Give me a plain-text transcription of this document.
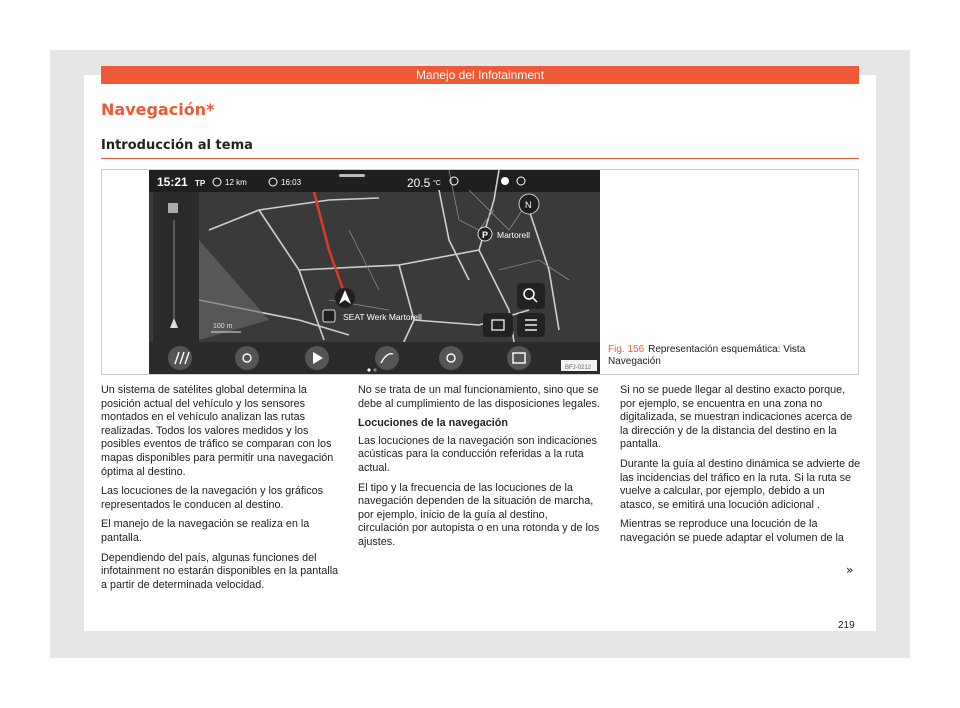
Manejo del Infotainment
Navegación*
Introducción al tema
15:21 TP 12 km	16:03	20.5 °C
N
P Martorell
SEAT Werk Martorell
100 m
BFJ-0212
Fig. 156 Representación esquemática: Vista Navegación

Un sistema de satélites global determina la posición actual del vehículo y los sensores montados en el vehículo analizan las rutas realizadas. Todos los valores medidos y los posibles eventos de tráfico se comparan con los mapas disponibles para permitir una navegación óptima al destino.

Las locuciones de la navegación y los gráficos representados le conducen al destino.

El manejo de la navegación se realiza en la pantalla.

Dependiendo del país, algunas funciones del infotainment no estarán disponibles en la pantalla a partir de determinada velocidad.

No se trata de un mal funcionamiento, sino que se debe al cumplimiento de las disposiciones legales.

Locuciones de la navegación

Las locuciones de la navegación son indicaciones acústicas para la conducción referidas a la ruta actual.

El tipo y la frecuencia de las locuciones de la navegación dependen de la situación de marcha, por ejemplo, inicio de la guía al destino, circulación por autopista o en una rotonda y de los ajustes.

Si no se puede llegar al destino exacto porque, por ejemplo, se encuentra en una zona no digitalizada, se muestran indicaciones acerca de la dirección y de la distancia del destino en la pantalla.

Durante la guía al destino dinámica se advierte de las incidencias del tráfico en la ruta. Si la ruta se vuelve a calcular, por ejemplo, debido a un atasco, se emitirá una locución adicional .

Mientras se reproduce una locución de la navegación se puede adaptar el volumen de la

»
219
